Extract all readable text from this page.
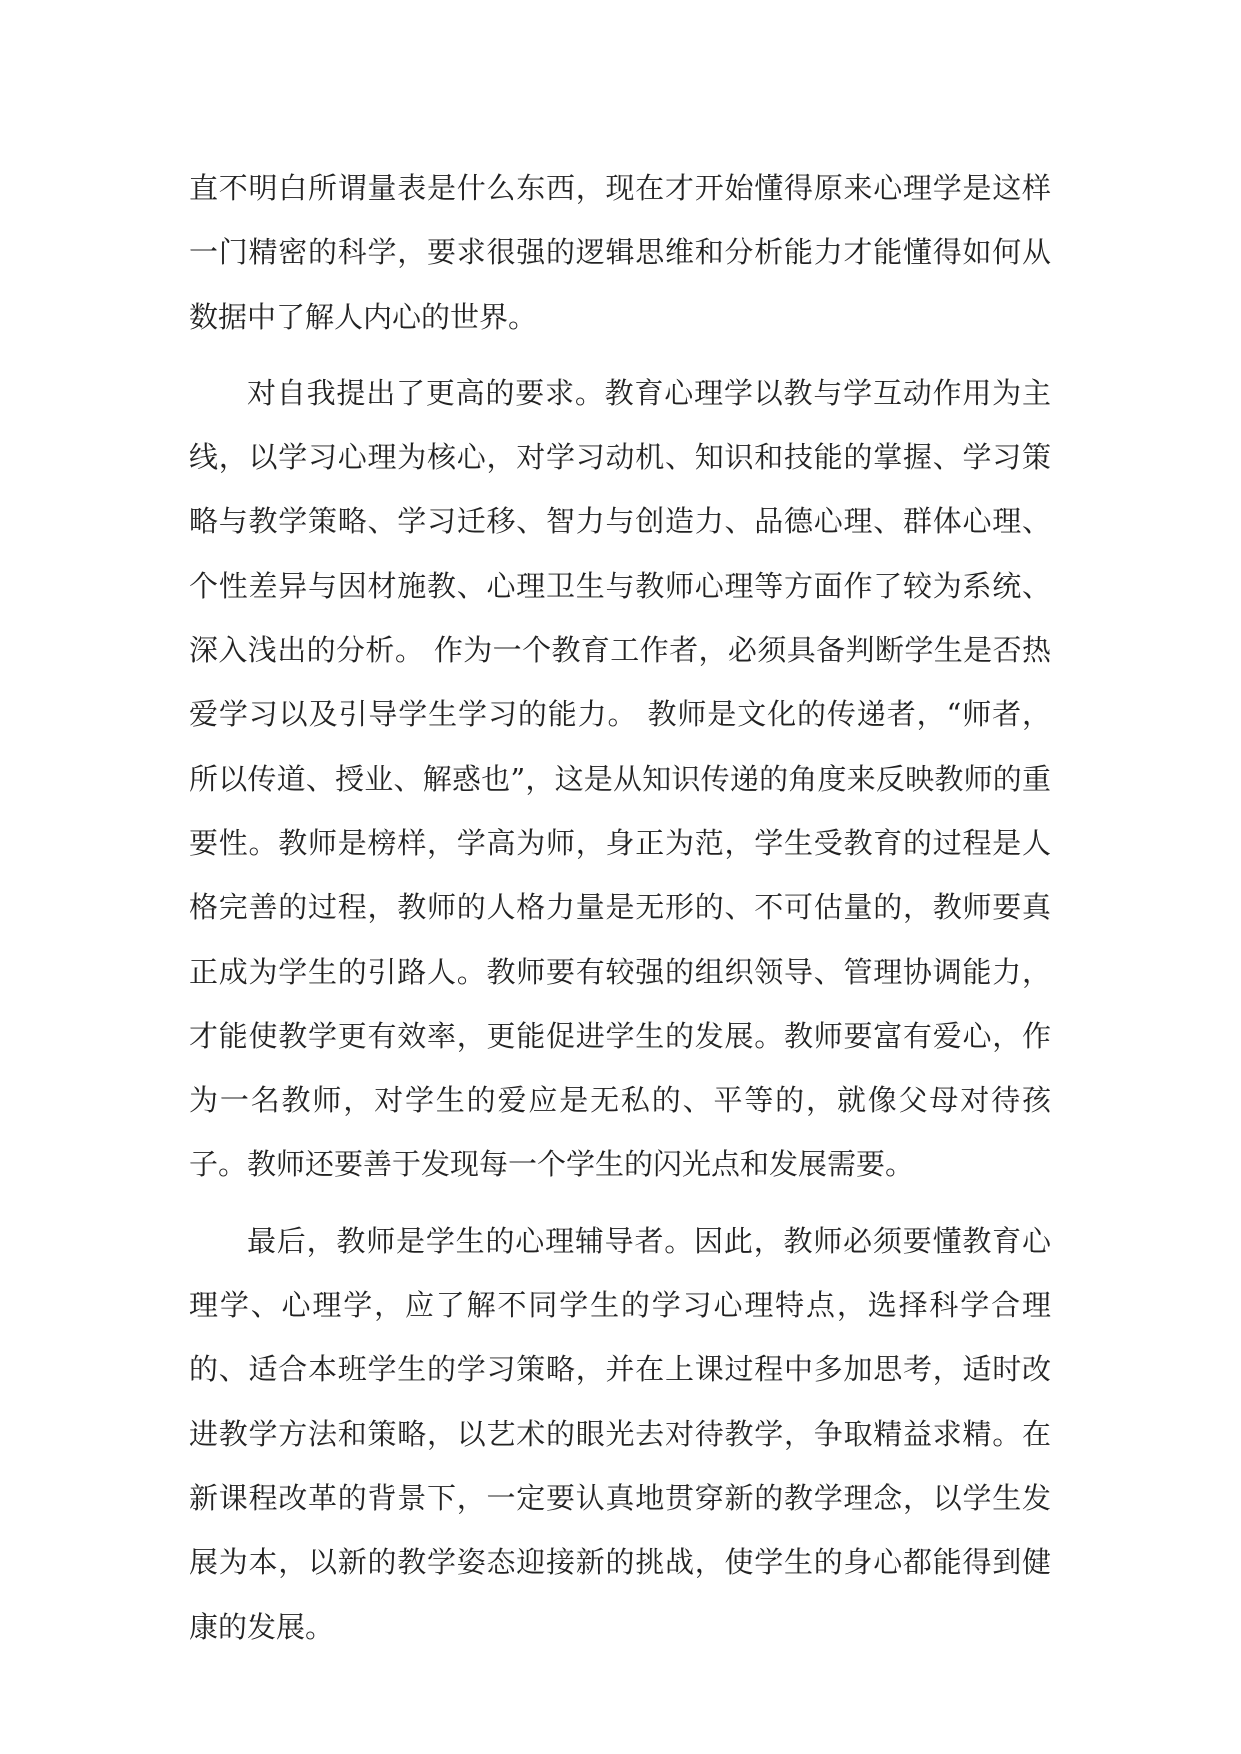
直不明白所谓量表是什么东西，现在才开始懂得原来心理学是这样一门精密的科学，要求很强的逻辑思维和分析能力才能懂得如何从数据中了解人内心的世界。

对自我提出了更高的要求。教育心理学以教与学互动作用为主线，以学习心理为核心，对学习动机、知识和技能的掌握、学习策略与教学策略、学习迁移、智力与创造力、品德心理、群体心理、个性差异与因材施教、心理卫生与教师心理等方面作了较为系统、深入浅出的分析。 作为一个教育工作者，必须具备判断学生是否热爱学习以及引导学生学习的能力。 教师是文化的传递者，“师者，所以传道、授业、解惑也”，这是从知识传递的角度来反映教师的重要性。教师是榜样，学高为师，身正为范，学生受教育的过程是人格完善的过程，教师的人格力量是无形的、不可估量的，教师要真正成为学生的引路人。教师要有较强的组织领导、管理协调能力，才能使教学更有效率，更能促进学生的发展。教师要富有爱心，作为一名教师，对学生的爱应是无私的、平等的，就像父母对待孩子。教师还要善于发现每一个学生的闪光点和发展需要。

最后，教师是学生的心理辅导者。因此，教师必须要懂教育心理学、心理学，应了解不同学生的学习心理特点，选择科学合理的、适合本班学生的学习策略，并在上课过程中多加思考，适时改进教学方法和策略，以艺术的眼光去对待教学，争取精益求精。在新课程改革的背景下，一定要认真地贯穿新的教学理念，以学生发展为本，以新的教学姿态迎接新的挑战，使学生的身心都能得到健康的发展。
